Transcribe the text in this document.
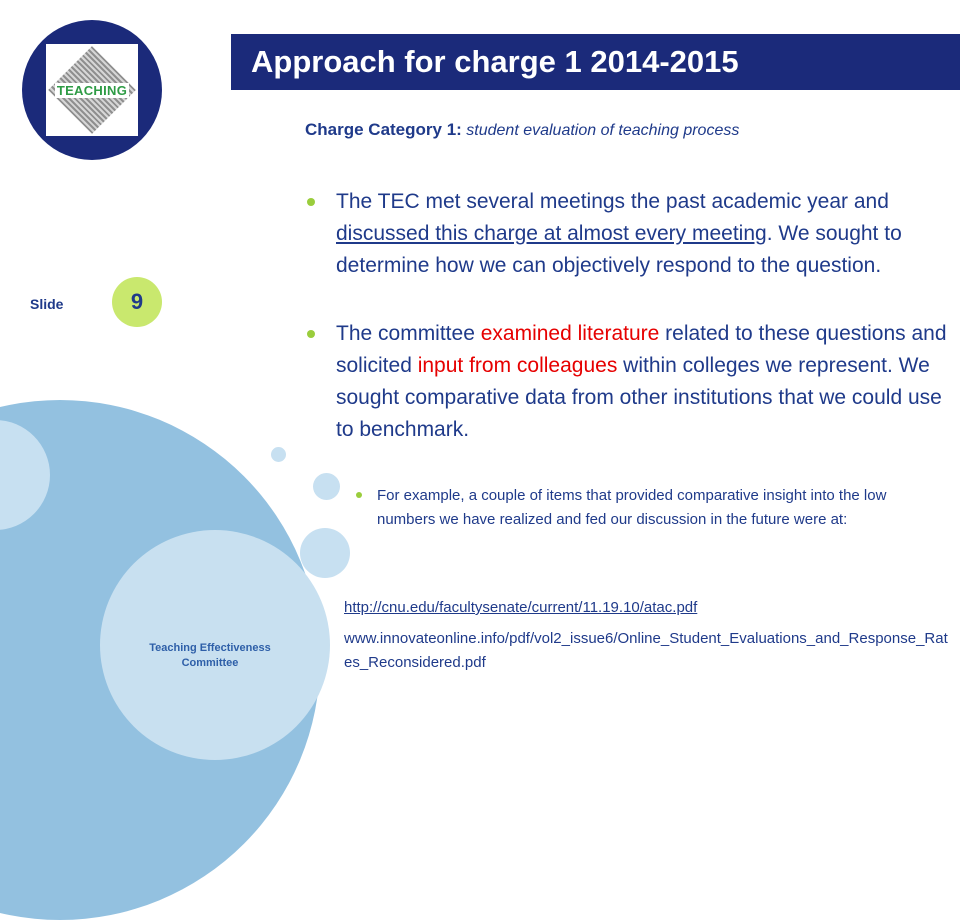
TEACHING
Approach for charge 1 2014-2015
Slide	9
Charge Category 1: student evaluation of teaching process
The TEC met several meetings the past academic year and discussed this charge at almost every meeting. We sought to determine how we can objectively respond to the question.
The committee examined literature related to these questions and solicited input from colleagues within colleges we represent. We sought comparative data from other institutions that we could use to benchmark.
For example, a couple of items that provided comparative insight into the low numbers we have realized and fed our discussion in the future were at:
http://cnu.edu/facultysenate/current/11.19.10/atac.pdf
www.innovateonline.info/pdf/vol2_issue6/Online_Student_Evaluations_and_Response_Rates_Reconsidered.pdf
Teaching Effectiveness Committee
